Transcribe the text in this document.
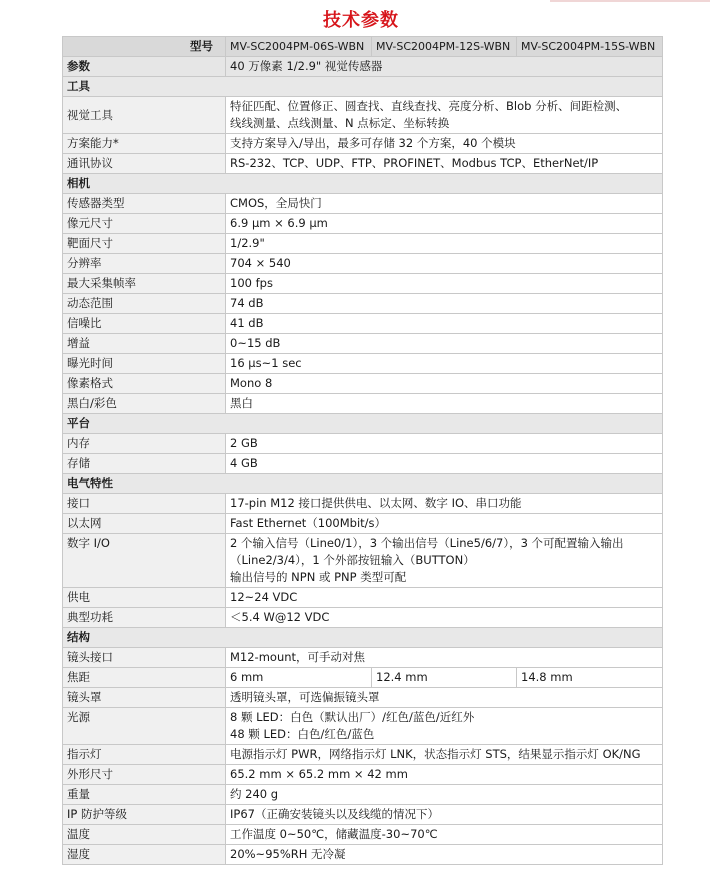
技术参数
型号	MV-SC2004PM-06S-WBN	MV-SC2004PM-12S-WBN	MV-SC2004PM-15S-WBN
参数	40 万像素 1/2.9" 视觉传感器		
工具			
视觉工具	特征匹配、位置修正、圆查找、直线查找、亮度分析、Blob 分析、间距检测、
线线测量、点线测量、N 点标定、坐标转换		

方案能力*	支持方案导入/导出，最多可存储 32 个方案，40 个模块		
通讯协议	RS-232、TCP、UDP、FTP、PROFINET、Modbus TCP、EtherNet/IP		
相机			
传感器类型	CMOS，全局快门		
像元尺寸	6.9 μm × 6.9 μm		
靶面尺寸	1/2.9"		
分辨率	704 × 540		
最大采集帧率	100 fps		
动态范围	74 dB		
信噪比	41 dB		
增益	0~15 dB		
曝光时间	16 μs~1 sec		
像素格式	Mono 8		
黑白/彩色	黑白		
平台			
内存	2 GB		
存储	4 GB		
电气特性			
接口	17-pin M12 接口提供供电、以太网、数字 IO、串口功能		
以太网	Fast Ethernet（100Mbit/s）		
数字 I/O	2 个输入信号（Line0/1），3 个输出信号（Line5/6/7），3 个可配置输入输出
（Line2/3/4），1 个外部按钮输入（BUTTON）
输出信号的 NPN 或 PNP 类型可配		

供电	12~24 VDC		
典型功耗	＜5.4 W@12 VDC		
结构			
镜头接口	M12-mount，可手动对焦		
焦距	6 mm	12.4 mm	14.8 mm
镜头罩	透明镜头罩，可选偏振镜头罩		
光源	8 颗 LED：白色（默认出厂）/红色/蓝色/近红外
48 颗 LED：白色/红色/蓝色		

指示灯	电源指示灯 PWR，网络指示灯 LNK，状态指示灯 STS，结果显示指示灯 OK/NG		
外形尺寸	65.2 mm × 65.2 mm × 42 mm		
重量	约 240 g		
IP 防护等级	IP67（正确安装镜头以及线缆的情况下）		
温度	工作温度 0~50℃，储藏温度-30~70℃		
湿度	20%~95%RH 无冷凝		
